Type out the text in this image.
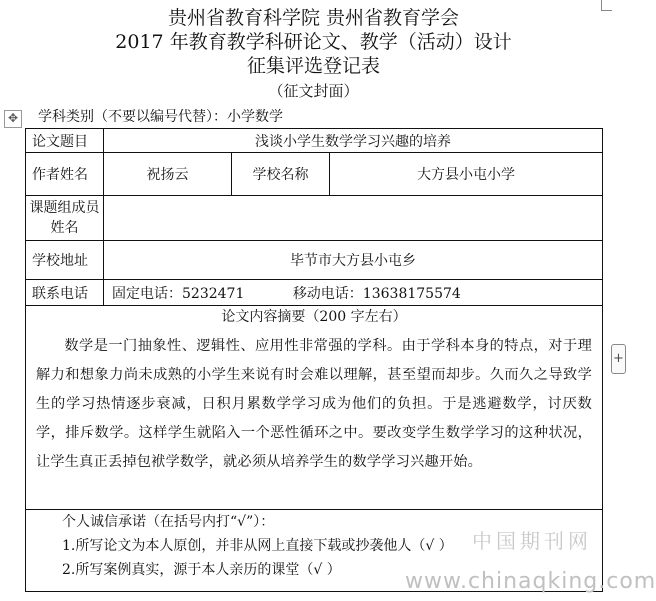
贵州省教育科学院 贵州省教育学会
2017 年教育教学科研论文、教学（活动）设计
征集评选登记表
（征文封面）
✥ 学科类别（不要以编号代替）：小学数学
论文题目	浅谈小学生数学学习兴趣的培养		
作者姓名	祝扬云	学校名称	大方县小屯小学
课题组成员姓名			
学校地址	毕节市大方县小屯乡		
联系电话	固定电话：5232471 移动电话：13638175574		

论文内容摘要（200 字左右）
数学是一门抽象性、逻辑性、应用性非常强的学科。由于学科本身的特点，对于理解力和想象力尚未成熟的小学生来说有时会难以理解，甚至望而却步。久而久之导致学生的学习热情逐步衰减，日积月累数学学习成为他们的负担。于是逃避数学，讨厌数学，排斥数学。这样学生就陷入一个恶性循环之中。要改变学生数学学习的这种状况，让学生真正丢掉包袱学数学，就必须从培养学生的数学学习兴趣开始。			

个人诚信承诺（在括号内打“√”）：
1.所写论文为本人原创，并非从网上直接下载或抄袭他人（√ ）
2.所写案例真实，源于本人亲历的课堂（√ ）			
+
中国期刊网
www.chinaqking.com
